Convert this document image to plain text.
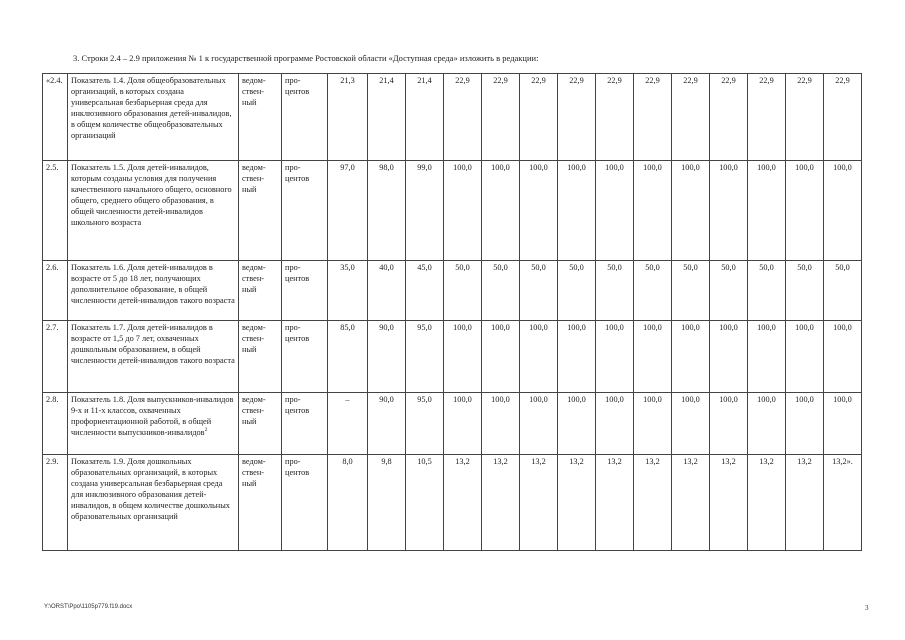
3. Строки 2.4 – 2.9 приложения № 1 к государственной программе Ростовской области «Доступная среда» изложить в редакции:
«2.4.	Показатель 1.4. Доля общеобразовательных организаций, в которых создана универсальная безбарьерная среда для инклюзивного образования детей-инвалидов, в общем количестве общеобразовательных организаций	ведом-ствен-ный	про-центов	21,3	21,4	21,4	22,9	22,9	22,9	22,9	22,9	22,9	22,9	22,9	22,9	22,9	22,9
2.5.	Показатель 1.5. Доля детей-инвалидов, которым созданы условия для получения качественного начального общего, основного общего, среднего общего образования, в общей численности детей-инвалидов школьного возраста	ведом-ствен-ный	про-центов	97,0	98,0	99,0	100,0	100,0	100,0	100,0	100,0	100,0	100,0	100,0	100,0	100,0	100,0
2.6.	Показатель 1.6. Доля детей-инвалидов в возрасте от 5 до 18 лет, получающих дополнительное образование, в общей численности детей-инвалидов такого возраста	ведом-ствен-ный	про-центов	35,0	40,0	45,0	50,0	50,0	50,0	50,0	50,0	50,0	50,0	50,0	50,0	50,0	50,0
2.7.	Показатель 1.7. Доля детей-инвалидов в возрасте от 1,5 до 7 лет, охваченных дошкольным образованием, в общей численности детей-инвалидов такого возраста	ведом-ствен-ный	про-центов	85,0	90,0	95,0	100,0	100,0	100,0	100,0	100,0	100,0	100,0	100,0	100,0	100,0	100,0
2.8.	Показатель 1.8. Доля выпускников-инвалидов 9-х и 11-х классов, охваченных профориентационной работой, в общей численности выпускников-инвалидов$^2$	ведом-ствен-ный	про-центов	–	90,0	95,0	100,0	100,0	100,0	100,0	100,0	100,0	100,0	100,0	100,0	100,0	100,0
2.9.	Показатель 1.9. Доля дошкольных образовательных организаций, в которых создана универсальная безбарьерная среда для инклюзивного образования детей-инвалидов, в общем количестве дошкольных образовательных организаций	ведом-ствен-ный	про-центов	8,0	9,8	10,5	13,2	13,2	13,2	13,2	13,2	13,2	13,2	13,2	13,2	13,2	13,2».
Y:\ORST\Ppo\1105p779.f19.docx	3
